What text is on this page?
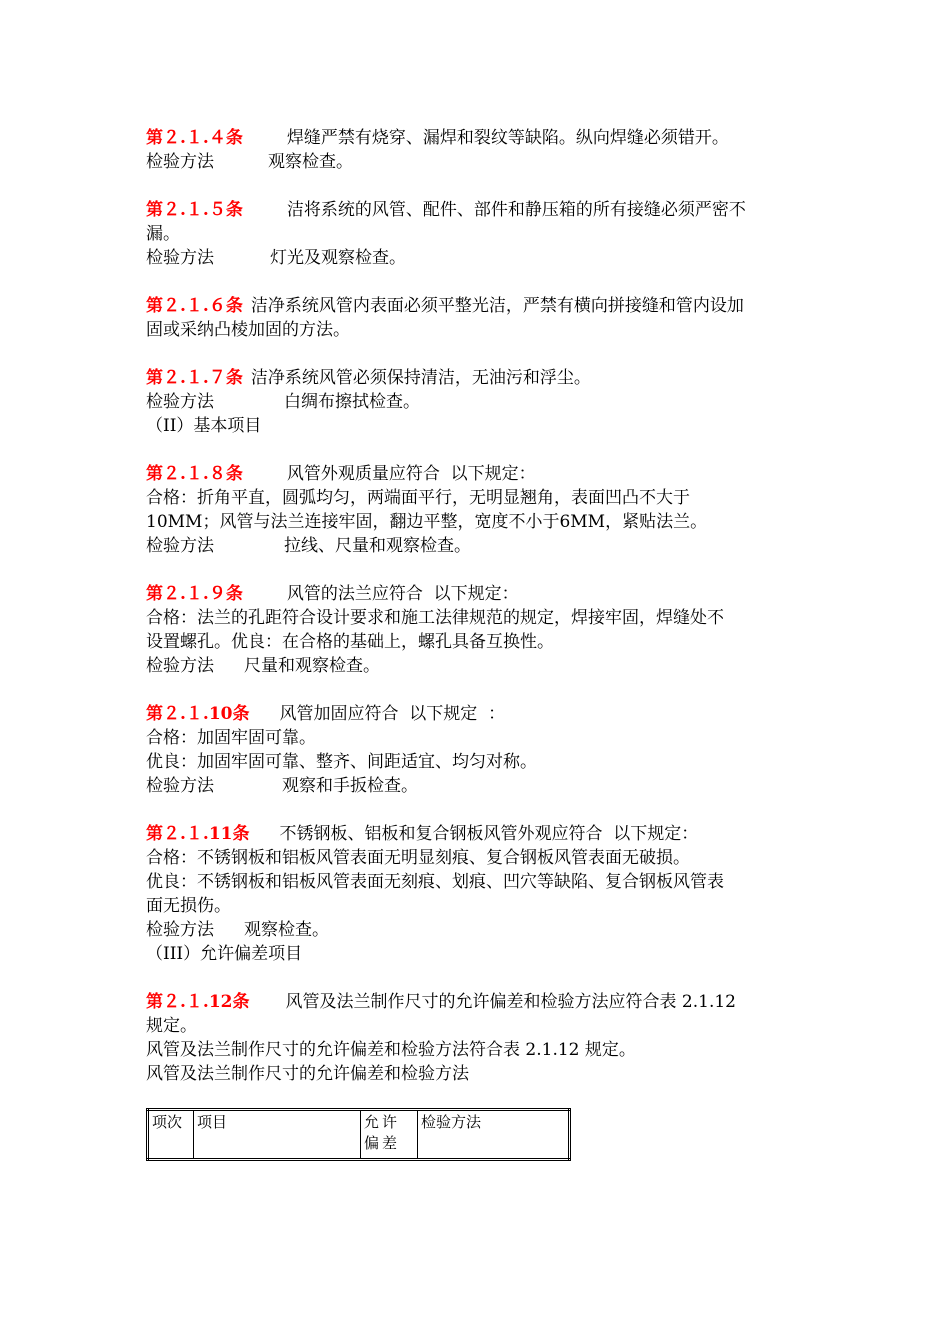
第２.１.４条	焊缝严禁有烧穿、漏焊和裂纹等缺陷。纵向焊缝必须错开。
检验方法	观察检查。
第２.１.５条	洁将系统的风管、配件、部件和静压箱的所有接缝必须严密不
漏。
检验方法	灯光及观察检查。
第２.１.６条 洁净系统风管内表面必须平整光洁，严禁有横向拼接缝和管内设加
固或采纳凸棱加固的方法。
第２.１.７条 洁净系统风管必须保持清洁，无油污和浮尘。
检验方法	白绸布擦拭检查。
（II）基本项目
第２.１.８条	风管外观质量应符合  以下规定：
合格：折角平直，圆弧均匀，两端面平行，无明显翘角，表面凹凸不大于
10MM；风管与法兰连接牢固，翻边平整，宽度不小于6MM，紧贴法兰。
检验方法	拉线、尺量和观察检查。
第２.１.９条	风管的法兰应符合  以下规定：
合格：法兰的孔距符合设计要求和施工法律规范的规定，焊接牢固，焊缝处不
设置螺孔。优良：在合格的基础上，螺孔具备互换性。
检验方法 尺量和观察检查。
第２.１.10条 风管加固应符合  以下规定  ：
合格：加固牢固可靠。
优良：加固牢固可靠、整齐、间距适宜、均匀对称。
检验方法	观察和手扳检查。
第２.１.11条 不锈钢板、铝板和复合钢板风管外观应符合  以下规定：
合格：不锈钢板和铝板风管表面无明显刻痕、复合钢板风管表面无破损。
优良：不锈钢板和铝板风管表面无刻痕、划痕、凹穴等缺陷、复合钢板风管表
面无损伤。
检验方法 观察检查。
（III）允许偏差项目
第２.１.12条 风管及法兰制作尺寸的允许偏差和检验方法应符合表 2.1.12
规定。
风管及法兰制作尺寸的允许偏差和检验方法符合表 2.1.12 规定。
风管及法兰制作尺寸的允许偏差和检验方法
项次	项目	允许偏差	检验方法
